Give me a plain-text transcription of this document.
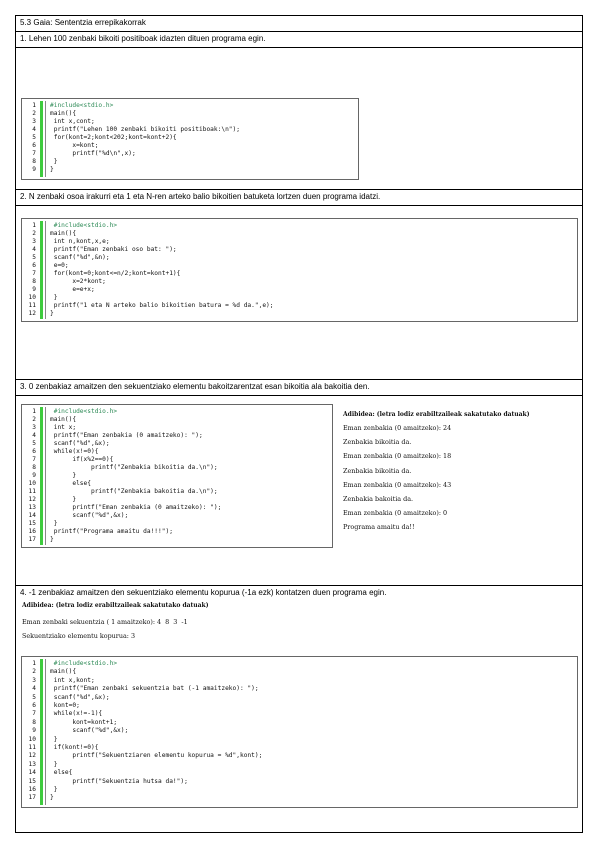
5.3 Gaia: Sententzia errepikakorrak
1. Lehen 100 zenbaki bikoiti positiboak idazten dituen programa egin.
1 #include<stdio.h>
2 main(){
3 int x,cont;
4 printf("Lehen 100 zenbaki bikoiti positiboak:\n");
5 for(kont=2;kont<202;kont=kont+2){
6 x=kont;
7 printf("%d\n",x);
8 }
9 }
2. N zenbaki osoa irakurri eta 1 eta N-ren arteko balio bikoitien batuketa lortzen duen programa idatzi.
1 #include<stdio.h>
2 main(){
3 int n,kont,x,e;
4 printf("Eman zenbaki oso bat: ");
5 scanf("%d",&n);
6 e=0;
7 for(kont=0;kont<=n/2;kont=kont+1){
8 x=2*kont;
9 e=e+x;
10 }
11 printf("1 eta N arteko balio bikoitien batura = %d da.",e);
12 }
3. 0 zenbakiaz amaitzen den sekuentziako elementu bakoitzarentzat esan bikoitia ala bakoitia den.
1 #include<stdio.h>
2 main(){
3 int x;
4 printf("Eman zenbakia (0 amaitzeko): ");
5 scanf("%d",&x);
6 while(x!=0){
7 if(x%2==0){
8 printf("Zenbakia bikoitia da.\n");
9 }
10 else{
11 printf("Zenbakia bakoitia da.\n");
12 }
13 printf("Eman zenbakia (0 amaitzeko): ");
14 scanf("%d",&x);
15 }
16 printf("Programa amaitu da!!!");
17 }
Adibidea: (letra lodiz erabiltzaileak sakatutako datuak)
Eman zenbakia (0 amaitzeko): 24
Zenbakia bikoitia da.
Eman zenbakia (0 amaitzeko): 18
Zenbakia bikoitia da.
Eman zenbakia (0 amaitzeko): 43
Zenbakia bakoitia da.
Eman zenbakia (0 amaitzeko): 0
Programa amaitu da!!
4. -1 zenbakiaz amaitzen den sekuentziako elementu kopurua (-1a ezk) kontatzen duen programa egin.
Adibidea: (letra lodiz erabiltzaileak sakatutako datuak)
Eman zenbaki sekuentzia ( 1 amaitzeko): 4  8  3  -1
Sekuentziako elementu kopurua: 3
1 #include<stdio.h>
2 main(){
3 int x,kont;
4 printf("Eman zenbaki sekuentzia bat (-1 amaitzeko): ");
5 scanf("%d",&x);
6 kont=0;
7 while(x!=-1){
8 kont=kont+1;
9 scanf("%d",&x);
10 }
11 if(kont!=0){
12 printf("Sekuentziaren elementu kopurua = %d",kont);
13 }
14 else{
15 printf("Sekuentzia hutsa da!");
16 }
17 }
